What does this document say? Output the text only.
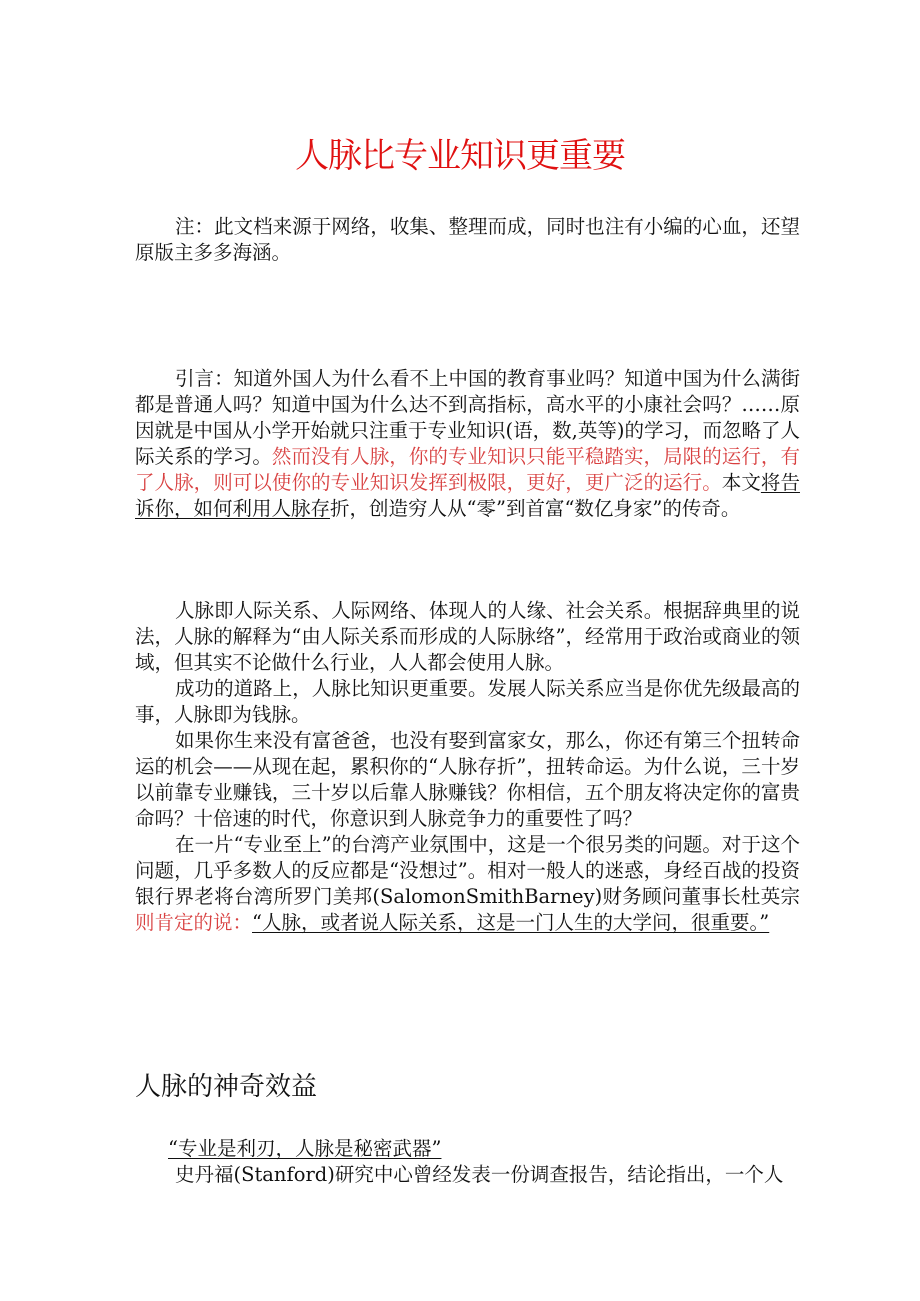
人脉比专业知识更重要

注：此文档来源于网络，收集、整理而成，同时也注有小编的心血，还望原版主多多海涵。

引言：知道外国人为什么看不上中国的教育事业吗？知道中国为什么满街都是普通人吗？知道中国为什么达不到高指标，高水平的小康社会吗？……原因就是中国从小学开始就只注重于专业知识(语，数,英等)的学习，而忽略了人际关系的学习。然而没有人脉，你的专业知识只能平稳踏实，局限的运行，有了人脉，则可以使你的专业知识发挥到极限，更好，更广泛的运行。本文将告诉你，如何利用人脉存折，创造穷人从“零”到首富“数亿身家”的传奇。

人脉即人际关系、人际网络、体现人的人缘、社会关系。根据辞典里的说法，人脉的解释为“由人际关系而形成的人际脉络”，经常用于政治或商业的领域，但其实不论做什么行业，人人都会使用人脉。

成功的道路上，人脉比知识更重要。发展人际关系应当是你优先级最高的事，人脉即为钱脉。

如果你生来没有富爸爸，也没有娶到富家女，那么，你还有第三个扭转命运的机会——从现在起，累积你的“人脉存折”，扭转命运。为什么说，三十岁以前靠专业赚钱，三十岁以后靠人脉赚钱？你相信，五个朋友将决定你的富贵命吗？十倍速的时代，你意识到人脉竞争力的重要性了吗？

在一片“专业至上”的台湾产业氛围中，这是一个很另类的问题。对于这个问题，几乎多数人的反应都是“没想过”。相对一般人的迷惑，身经百战的投资银行界老将台湾所罗门美邦(SalomonSmithBarney)财务顾问董事长杜英宗则肯定的说：“人脉，或者说人际关系，这是一门人生的大学问，很重要。”

人脉的神奇效益

“专业是利刃，人脉是秘密武器”

史丹福(Stanford)研究中心曾经发表一份调查报告，结论指出，一个人
